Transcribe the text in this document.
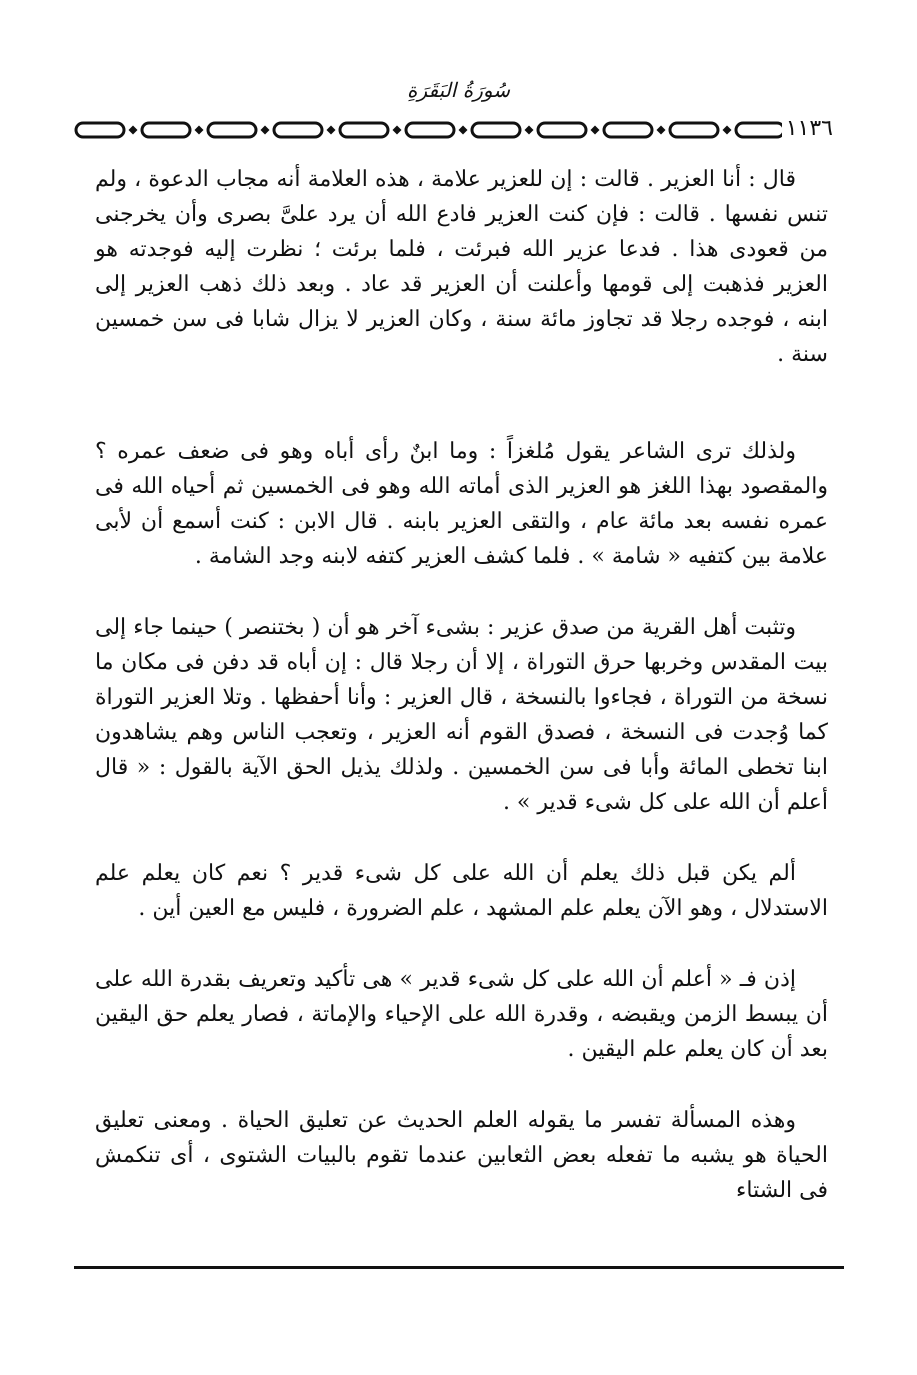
سُورَةُ البَقَرَةِ
١١٣٦

قال : أنا العزير . قالت : إن للعزير علامة ، هذه العلامة أنه مجاب الدعوة ، ولم تنس نفسها . قالت : فإن كنت العزير فادع الله أن يرد علىَّ بصرى وأن يخرجنى من قعودى هذا . فدعا عزير الله فبرئت ، فلما برئت ؛ نظرت إليه فوجدته هو العزير فذهبت إلى قومها وأعلنت أن العزير قد عاد . وبعد ذلك ذهب العزير إلى ابنه ، فوجده رجلا قد تجاوز مائة سنة ، وكان العزير لا يزال شابا فى سن خمسين سنة .

ولذلك ترى الشاعر يقول مُلغزاً : وما ابنٌ رأى أباه وهو فى ضعف عمره ؟ والمقصود بهذا اللغز هو العزير الذى أماته الله وهو فى الخمسين ثم أحياه الله فى عمره نفسه بعد مائة عام ، والتقى العزير بابنه . قال الابن : كنت أسمع أن لأبى علامة بين كتفيه « شامة » . فلما كشف العزير كتفه لابنه وجد الشامة .

وتثبت أهل القرية من صدق عزير : بشىء آخر هو أن ( بختنصر ) حينما جاء إلى بيت المقدس وخربها حرق التوراة ، إلا أن رجلا قال : إن أباه قد دفن فى مكان ما نسخة من التوراة ، فجاءوا بالنسخة ، قال العزير : وأنا أحفظها . وتلا العزير التوراة كما وُجدت فى النسخة ، فصدق القوم أنه العزير ، وتعجب الناس وهم يشاهدون ابنا تخطى المائة وأبا فى سن الخمسين . ولذلك يذيل الحق الآية بالقول : « قال أعلم أن الله على كل شىء قدير » .

ألم يكن قبل ذلك يعلم أن الله على كل شىء قدير ؟ نعم كان يعلم علم الاستدلال ، وهو الآن يعلم علم المشهد ، علم الضرورة ، فليس مع العين أين .

إذن فـ « أعلم أن الله على كل شىء قدير » هى تأكيد وتعريف بقدرة الله على أن يبسط الزمن ويقبضه ، وقدرة الله على الإحياء والإماتة ، فصار يعلم حق اليقين بعد أن كان يعلم علم اليقين .

وهذه المسألة تفسر ما يقوله العلم الحديث عن تعليق الحياة . ومعنى تعليق الحياة هو يشبه ما تفعله بعض الثعابين عندما تقوم بالبيات الشتوى ، أى تنكمش فى الشتاء
